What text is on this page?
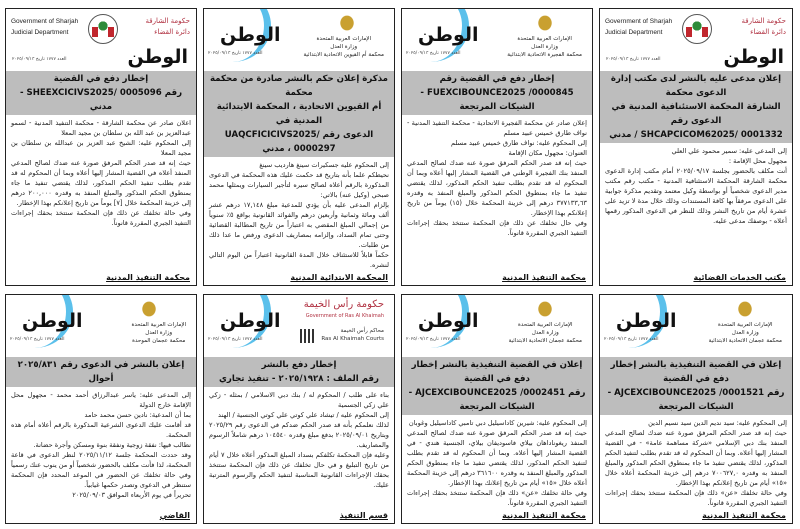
Government of Sharjah
Judicial Department
حكومة الشارقة
دائرة القضاء
الوطن
العدد ١٧٧٧ تاريخ ٢٠٢٥/٠٩/١٣
إخطار دفع في القضية
رقم SHEEXCICIVS2025/ 0005096 - مدني

اعلان صادر عن محكمة الشارقة - محكمة التنفيذ المدنية - لسمو عبدالعزيز بن عبد الله بن سلطان بن مجيد المعلا

إلى المحكوم عليه: الشيخ عبد العزيز بن عبدالله بن سلطان بن مجيد المعلا

حيث إنه قد صدر الحكم المرفق صورة عنه ضدك لصالح المدعي المنفذ أعلاه في القضية المشار إليها أعلاه وبما أن المحكوم له قد تقدم بطلب تنفيذ الحكم المذكور، لذلك يقتضي تنفيذ ما جاء بمنطوق الحكم المذكور والمبلغ المنفذ به وقدره ٢٠٠,٠٠٠ درهم إلى خزينة المحكمة خلال [٧] يوماً من تاريخ إعلانكم بهذا الإخطار.

وفي حالة تخلفك عن ذلك فإن المحكمة ستتخذ بحقك إجراءات التنفيذ الجبري المقررة قانوناً.

محكمة التنفيذ المدنية
الوطن
العدد ١٧٧٧ تاريخ ٢٠٢٥/٠٩/١٣
الإمارات العربية المتحدة
وزارة العدل
محكمة أم القيوين الاتحادية الابتدائية
مذكرة إعلان حكم بالنشر صادرة من محكمة محكمة
أم القيوين الاتحادية ، المحكمة الابتدائية المدنية في
الدعوى رقم UAQCFICICIVS2025/ 0000297 ، مدني

إلى المحكوم عليه جسكيرات سينغ هارديب سينغ

نحيطكم علما بأنه بتاريخ قد حكمت عليك هذه المحكمة في الدعوى المذكورة بالرقم أعلاه لصالح سيره لتأجير السيارات ويمثلها محمد صبحي (وكيل عنه) بالاتي:

بإلزام المدعى عليه بأن يؤدي للمدعية مبلغ ١٧,١٤٨ درهم عشر ألف ومائة وثمانية وأربعين درهم والفوائد القانونية بواقع ٥٪ سنوياً من إجمالي المبلغ المقضي به اعتباراً من تاريخ المطالبة القضائية وحتى تمام السداد، وإلزامه بمصاريف الدعوى ورفض ما عدا ذلك من طلبات.

حكماً قابلاً للاستئناف خلال المدة القانونية اعتباراً من اليوم التالي لنشره.

المحكمة الابتدائية المدنية
الوطن
العدد ١٧٧٧ تاريخ ٢٠٢٥/٠٩/١٣
الإمارات العربية المتحدة
وزارة العدل
محكمة الفجيرة الاتحادية الابتدائية
إخطار دفع في القضية رقم
FUEXCIBOUNCE2025 /0000845 - الشيكات المرتجعة

إعلان صادر عن محكمة الفجيرة الاتحادية - محكمة التنفيذ المدنية - نواف طارق خميس عبيد مسلم

إلى المحكوم عليه: نواف طارق خميس عبيد مسلم

العنوان: مجهول مكان الإقامة

حيث إنه قد صدر الحكم المرفق صورة عنه ضدك لصالح المدعي المنفذ بنك الفجيرة الوطني في القضية المشار إليها أعلاه وبما أن المحكوم له قد تقدم بطلب تنفيذ الحكم المذكور، لذلك يقتضي تنفيذ ما جاء بمنطوق الحكم المذكور والمبلغ المنفذ به وقدره ٣٧٧١٣٣,٦٣ درهم إلى خزينة المحكمة خلال (١٥) يوماً من تاريخ إعلانكم بهذا الإخطار.

وفي حال تخلفك عن ذلك فإن المحكمة ستتخذ بحقك إجراءات التنفيذ الجبري المقررة قانوناً.

محكمة التنفيذ المدنية
Government of Sharjah
Judicial Department
حكومة الشارقة
دائرة القضاء
الوطن
العدد ١٧٧٧ تاريخ ٢٠٢٥/٠٩/١٣
إعلان مدعى عليه بالنشر لدى مكتب إدارة الدعوى محكمة
الشارقة المحكمة الاستئنافية المدنية في الدعوى رقم
SHCAPCICOM62025/ 0001332 / مدني

إلى المدعى عليه: سمير محمود علي العلي

مجهول محل الإقامة :

أنت مكلف بالحضور بجلسة ٢٠٢٥/٠٩/١٧ أمام مكتب إدارة الدعوى محكمة الشارقة المحكمة الاستئنافية المدنية - مكتب رقم مكتب مدير الدعوى شخصياً أو بواسطة وكيل معتمد وتقديم مذكرة جوابية على الدعوى مرفقاً بها كافة المستندات وذلك خلال مدة لا تزيد على عشرة أيام من تاريخ النشر وذلك للنظر في الدعوى المذكور رقمها أعلاه - بوصفك مدعى عليه.

مكتب الخدمات القضائية
الوطن
العدد ١٧٧٧ تاريخ ٢٠٢٥/٠٩/١٣
الإمارات العربية المتحدة
وزارة العدل
محكمة عجمان الموحدة
إعلان بالنشر في الدعوى رقم ٢٠٢٥/٨٣١ أحوال

إلى المدعى عليه: ياسر عبدالرزاق أحمد محمد - مجهول محل الإقامة خارج الدولة

بما أن المدعية: نادين حسن محمد حامد

قد أقامت عليك الدعوى الشرعية المذكورة بالرقم أعلاه أمام هذه المحكمة.

نطالب فيها: نفقة زوجية ونفقة بنوة ومسكن وأجرة حضانة.

وقد حددت المحكمة جلسة ٢٠٢٥/١١/١٢ لنظر الدعوى في قاعة المحكمة، لذا فأنت مكلف بالحضور شخصياً أو من ينوب عنك رسمياً وفي حالة تخلفك عن الحضور في الموعد المحدد فإن المحكمة ستنظر في الدعوى وتصدر حكمها غيابياً.

تحريراً في يوم الأربعاء الموافق ٢٠٢٥/٠٩/٠٣

القاضي
الوطن
العدد ١٧٧٧ تاريخ ٢٠٢٥/٠٩/١٣
حكومة رأس الخيمة
Government of Ras Al Khaimah
محاكم رأس الخيمة
Ras Al Khaimah Courts
إخطار دفع بالنشر
رقم الملف : ٢٠٢٥/١٩٢٨ - تنفيذ تجاري

بناء على طلب / المحكوم له / بنك دبي الاسلامي / بمثله - زكي علي زكي الجسمية

إلى المحكوم عليه / تيشاد علي كوتي علي كوتي الجنسية / الهند

لذلك نعلمكم بأنه قد صدر الحكم ضدكم في الدعوى رقم ٢٠٢٥/٢٩ وبتاريخ ٢٠٢٥/٠٩/٠١ بدفع مبلغ وقدره ١٠٤٥٤٠ درهم شاملاً الرسوم والمصاريف.

وعليه فإن المحكمة تكلفكم بسداد المبلغ المذكور أعلاه خلال ٧ أيام من تاريخ التبليغ و في حال تخلفك عن ذلك فإن المحكمة ستتخذ بحقك الإجراءات القانونية المناسبة لتنفيذ الحكم والرسوم المترتبة عليك.

قسم التنفيذ
الوطن
العدد ١٧٧٧ تاريخ ٢٠٢٥/٠٩/١٣
الإمارات العربية المتحدة
وزارة العدل
محكمة عجمان الاتحادية الابتدائية
إعلان في القضية التنفيذية بالنشر إخطار دفع في القضية
رقم AJCEXCIBOUNCE2025 /0002451 - الشيكات المرتجعة

إلى المحكوم عليه: شيرين كاداسيليل دبي تامبي كاداسيليل وغوبان

حيث إنه قد صدر الحكم المرفق صورة عنه ضدك لصالح المدعي المنفذ ريغوناداهان بيلاي فاسوديفان بيلاي، الجنسية هندي - في القضية المشار إليها أعلاه. وبما أن المحكوم له قد تقدم بطلب لتنفيذ الحكم المذكور، لذلك يقتضي تنفيذ ما جاء بمنطوق الحكم المذكور والمبلغ المنفذ به وقدره ٣٦١٦٠٠ درهم إلى خزينة المحكمة أعلاه خلال «١٥» أيام من تاريخ إعلانك بهذا الإخطار.

وفي حالة تخلفك «عن» ذلك فإن المحكمة ستتخذ بحقك إجراءات التنفيذ الجبري المقررة قانوناً.

محكمة التنفيذ المدنية
الوطن
العدد ١٧٧٧ تاريخ ٢٠٢٥/٠٩/١٣
الإمارات العربية المتحدة
وزارة العدل
محكمة عجمان الاتحادية الابتدائية
إعلان في القضية التنفيذية بالنشر إخطار دفع في القضية
رقم AJCEXCIBOUNCE2025 /0001521 - الشيكات المرتجعة

إلى المحكوم عليه: سيد نديم الدين سيد نسيم الدين

حيث إنه قد صدر الحكم المرفق صورة عنه ضدك لصالح المدعي المنفذ بنك دبي الإسلامي «شركة مساهمة عامة» - في القضية المشار إليها أعلاه. وبما أن المحكوم له قد تقدم بطلب لتنفيذ الحكم المذكور، لذلك يقتضي تنفيذ ما جاء بمنطوق الحكم المذكور والمبلغ المنفذ به وقدره ٧٠٠٦٢٧,٠ درهم إلى خزينة المحكمة أعلاه خلال «١٥» أيام من تاريخ إعلانكم بهذا الإخطار.

وفي حالة تخلفك «عن» ذلك فإن المحكمة ستتخذ بحقك إجراءات التنفيذ الجبري المقررة قانوناً.

محكمة التنفيذ المدنية
